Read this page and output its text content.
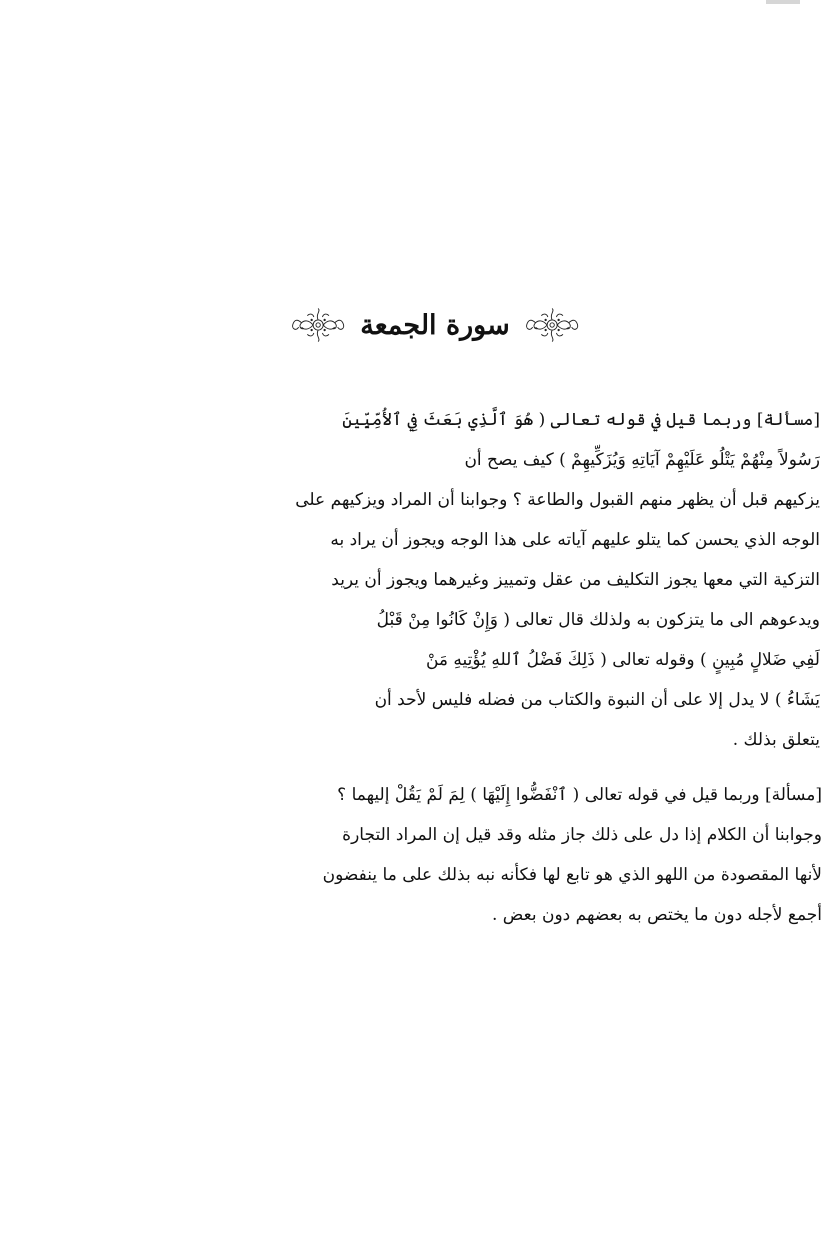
سورة الجمعة
[مسألة] وربما قيل في قوله تعالى ( هُوَ ٱلَّذِي بَعَثَ فِي ٱلأُمِّيِّينَ
رَسُولاً مِنْهُمْ يَتْلُو عَلَيْهِمْ آيَاتِهِ وَيُزَكِّيهِمْ ) كيف يصح أن
يزكيهم قبل أن يظهر منهم القبول والطاعة ؟ وجوابنا أن المراد ويزكيهم على
الوجه الذي يحسن كما يتلو عليهم آياته على هذا الوجه ويجوز أن يراد به
التزكية التي معها يجوز التكليف من عقل وتمييز وغيرهما ويجوز أن يريد
ويدعوهم الى ما يتزكون به ولذلك قال تعالى ( وَإِنْ كَانُوا مِنْ قَبْلُ
لَفِي ضَلالٍ مُبِينٍ ) وقوله تعالى ( ذَلِكَ فَضْلُ ٱللهِ يُؤْتِيهِ مَنْ
يَشَاءُ ) لا يدل إلا على أن النبوة والكتاب من فضله فليس لأحد أن
يتعلق بذلك .
[مسألة] وربما قيل في قوله تعالى ( ٱنْفَضُّوا إِلَيْهَا ) لِمَ لَمْ يَقُلْ إليهما ؟
وجوابنا أن الكلام إذا دل على ذلك جاز مثله وقد قيل إن المراد التجارة
لأنها المقصودة من اللهو الذي هو تابع لها فكأنه نبه بذلك على ما ينفضون
أجمع لأجله دون ما يختص به بعضهم دون بعض .
